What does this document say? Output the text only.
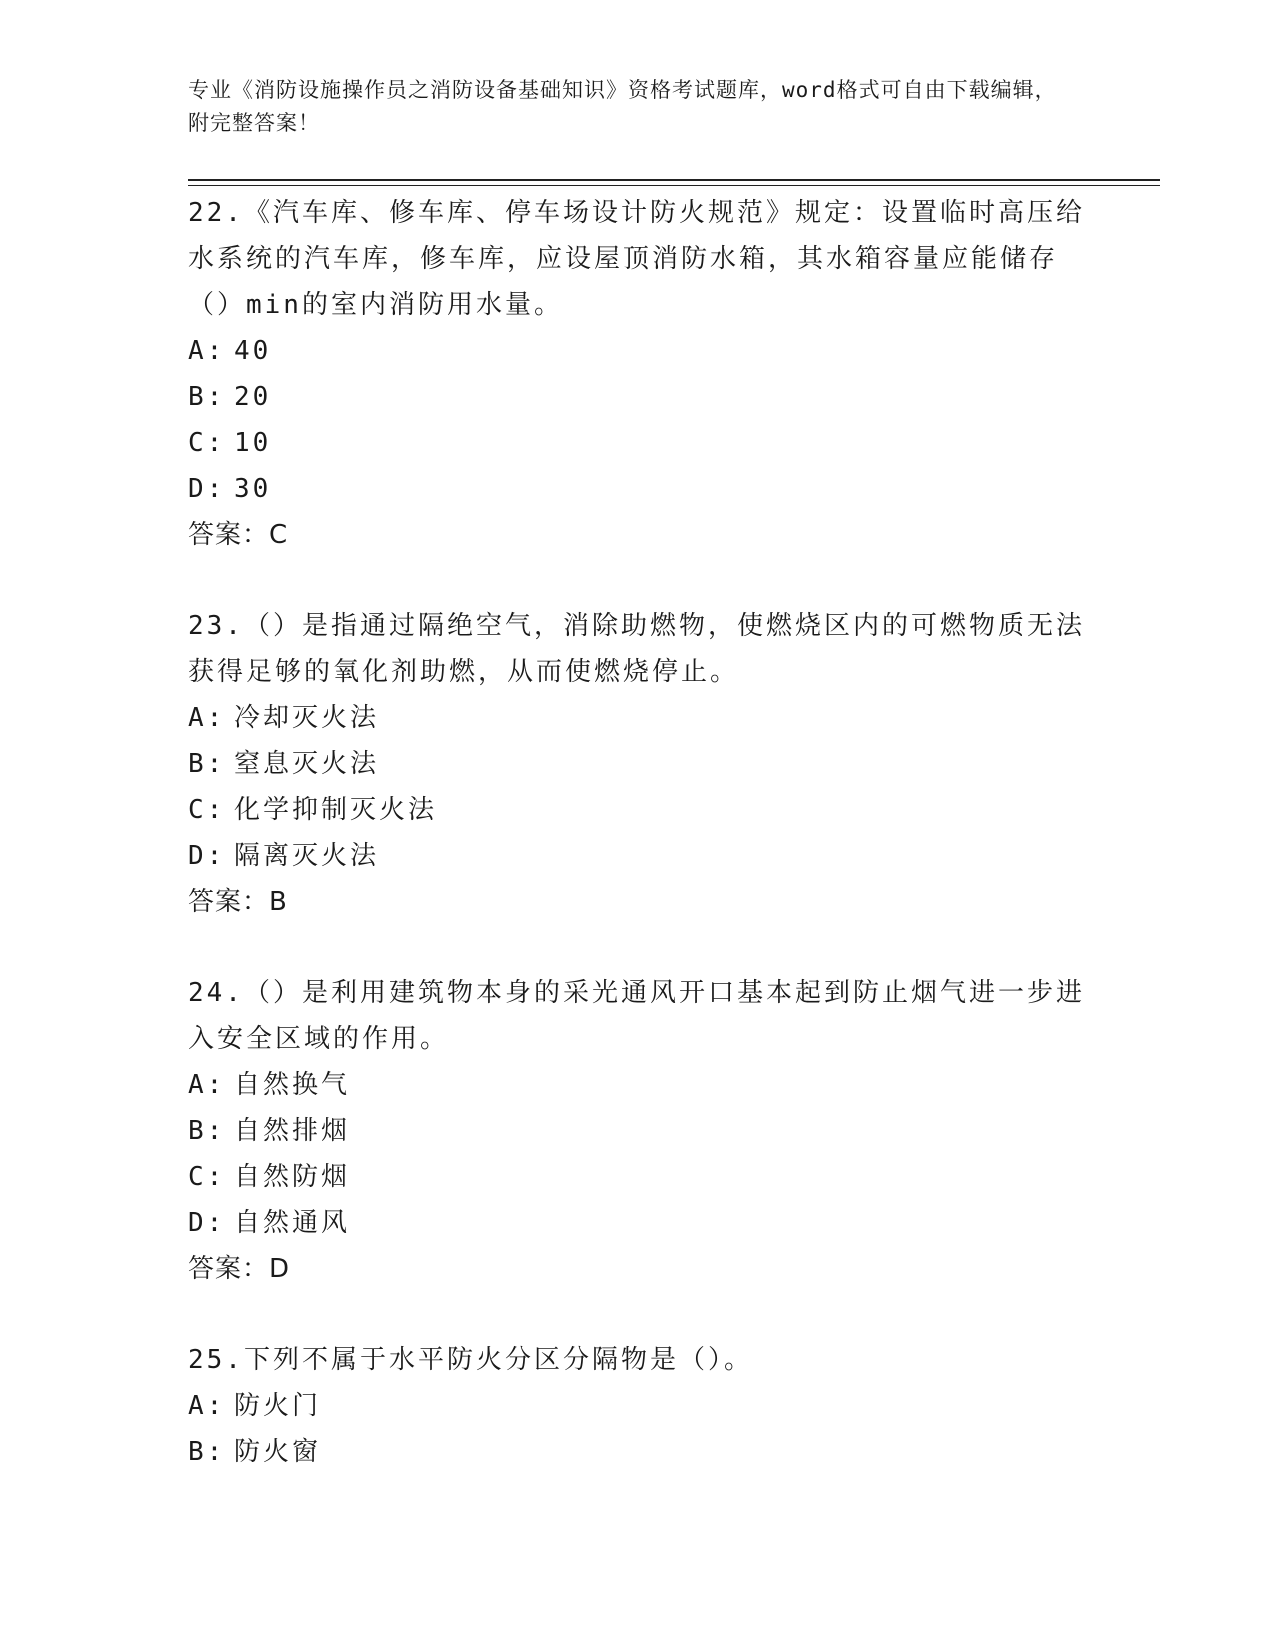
专业《消防设施操作员之消防设备基础知识》资格考试题库，word格式可自由下载编辑，附完整答案！

22.《汽车库、修车库、停车场设计防火规范》规定：设置临时高压给水系统的汽车库，修车库，应设屋顶消防水箱，其水箱容量应能储存（）min的室内消防用水量。

A: 40

B: 20

C: 10

D: 30

答案：C

23.（）是指通过隔绝空气，消除助燃物，使燃烧区内的可燃物质无法获得足够的氧化剂助燃，从而使燃烧停止。

A: 冷却灭火法

B: 窒息灭火法

C: 化学抑制灭火法

D: 隔离灭火法

答案：B

24.（）是利用建筑物本身的采光通风开口基本起到防止烟气进一步进入安全区域的作用。

A: 自然换气

B: 自然排烟

C: 自然防烟

D: 自然通风

答案：D

25.下列不属于水平防火分区分隔物是（）。

A: 防火门

B: 防火窗
